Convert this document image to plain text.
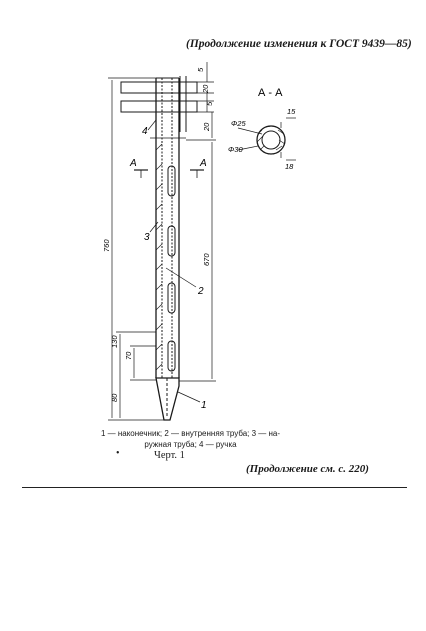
(Продолжение изменения к ГОСТ 9439—85)
5
20
5
20
760
670
130
70
80
A	A
4
3
2
1
А - А
Φ25
Φ30
15
18
1 — наконечник; 2 — внутренняя труба; 3 — на-
ружная труба; 4 — ручка
•	Черт. 1
(Продолжение см. с. 220)
